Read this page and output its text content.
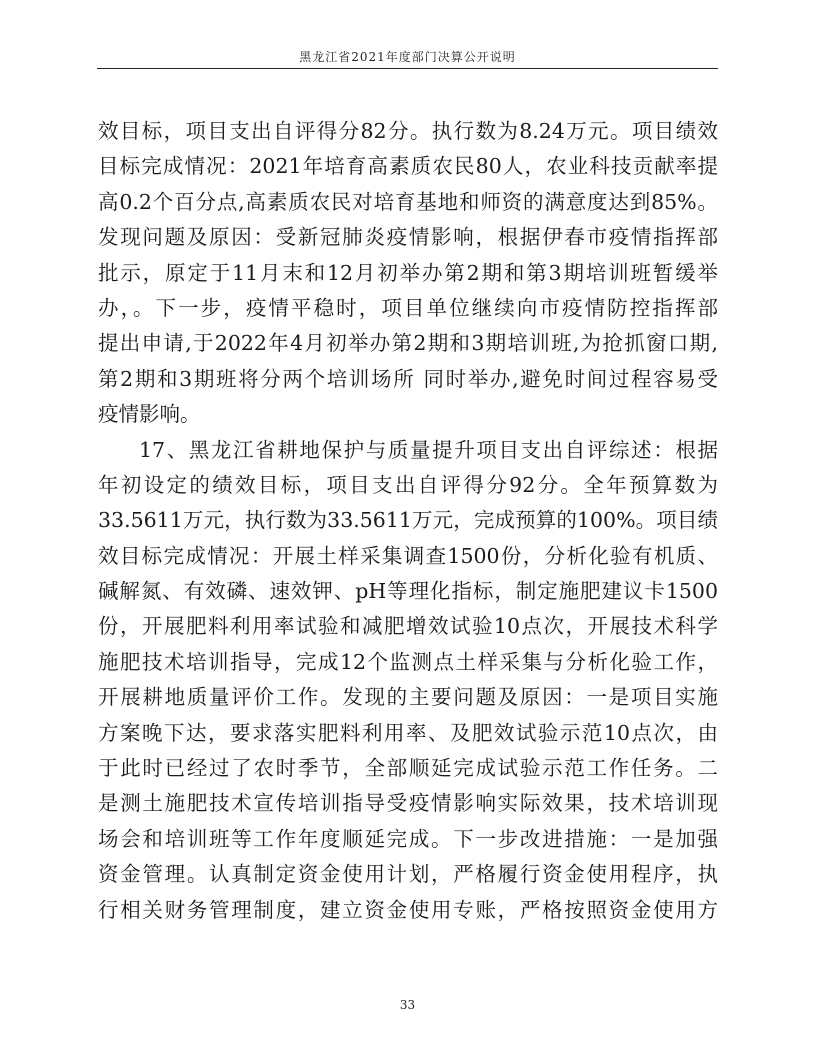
黑龙江省2021年度部门决算公开说明
效目标，项目支出自评得分82分。执行数为8.24万元。项目绩效
目标完成情况：2021年培育高素质农民80人，农业科技贡献率提
高0.2个百分点,高素质农民对培育基地和师资的满意度达到85%。
发现问题及原因：受新冠肺炎疫情影响，根据伊春市疫情指挥部
批示，原定于11月末和12月初举办第2期和第3期培训班暂缓举
办，。下一步，疫情平稳时，项目单位继续向市疫情防控指挥部
提出申请,于2022年4月初举办第2期和3期培训班,为抢抓窗口期,
第2期和3期班将分两个培训场所 同时举办,避免时间过程容易受
疫情影响。
17、黑龙江省耕地保护与质量提升项目支出自评综述：根据
年初设定的绩效目标，项目支出自评得分92分。全年预算数为
33.5611万元，执行数为33.5611万元，完成预算的100%。项目绩
效目标完成情况：开展土样采集调查1500份，分析化验有机质、
碱解氮、有效磷、速效钾、pH等理化指标，制定施肥建议卡1500
份，开展肥料利用率试验和减肥增效试验10点次，开展技术科学
施肥技术培训指导，完成12个监测点土样采集与分析化验工作，
开展耕地质量评价工作。发现的主要问题及原因：一是项目实施
方案晚下达，要求落实肥料利用率、及肥效试验示范10点次，由
于此时已经过了农时季节，全部顺延完成试验示范工作任务。二
是测土施肥技术宣传培训指导受疫情影响实际效果，技术培训现
场会和培训班等工作年度顺延完成。下一步改进措施：一是加强
资金管理。认真制定资金使用计划，严格履行资金使用程序，执
行相关财务管理制度，建立资金使用专账，严格按照资金使用方
33
